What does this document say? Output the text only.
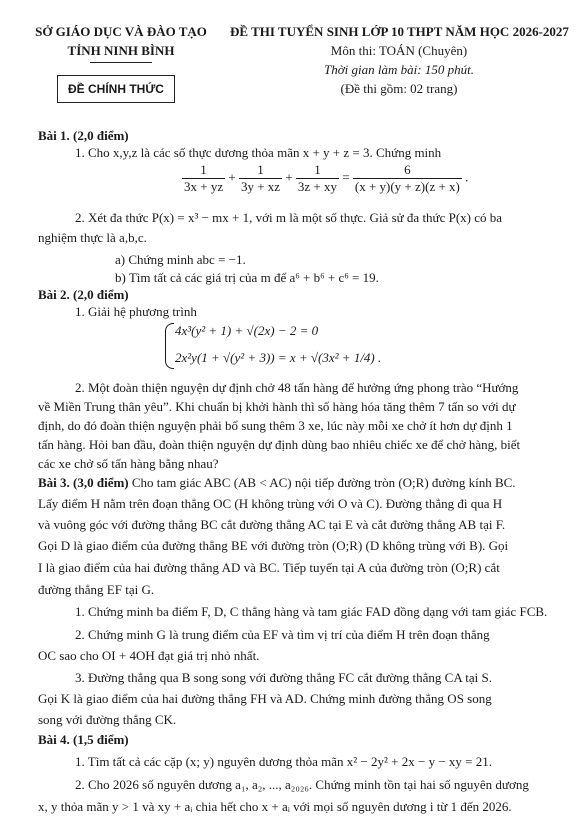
SỞ GIÁO DỤC VÀ ĐÀO TẠO
TỈNH NINH BÌNH
ĐỀ CHÍNH THỨC
ĐỀ THI TUYỂN SINH LỚP 10 THPT NĂM HỌC 2026-2027
Môn thi: TOÁN (Chuyên)
Thời gian làm bài: 150 phút.
(Đề thi gồm: 02 trang)
Bài 1. (2,0 điểm)
1. Cho x,y,z là các số thực dương thỏa mãn x + y + z = 3. Chứng minh
$\frac{1}{3x + yz} + \frac{1}{3y + xz} + \frac{1}{3z + xy} = \frac{6}{(x + y)(y + z)(z + x)}$ .
2. Xét đa thức P(x) = x³ − mx + 1, với m là một số thực. Giả sử đa thức P(x) có ba
nghiệm thực là a,b,c.
a) Chứng minh abc = −1.
b) Tìm tất cả các giá trị của m để a⁶ + b⁶ + c⁶ = 19.
Bài 2. (2,0 điểm)
1. Giải hệ phương trình
4x³(y² + 1) + √(2x) − 2 = 0
2x²y(1 + √(y² + 3)) = x + √(3x² + 1/4) .
2. Một đoàn thiện nguyện dự định chở 48 tấn hàng để hưởng ứng phong trào “Hướng
về Miền Trung thân yêu”. Khi chuẩn bị khởi hành thì số hàng hóa tăng thêm 7 tấn so với dự
định, do đó đoàn thiện nguyện phải bổ sung thêm 3 xe, lúc này mỗi xe chở ít hơn dự định 1
tấn hàng. Hỏi ban đầu, đoàn thiện nguyện dự định dùng bao nhiêu chiếc xe để chở hàng, biết
các xe chở số tấn hàng bằng nhau?
Bài 3. (3,0 điểm) Cho tam giác ABC (AB < AC) nội tiếp đường tròn (O;R) đường kính BC.
Lấy điểm H nằm trên đoạn thẳng OC (H không trùng với O và C). Đường thẳng đi qua H
và vuông góc với đường thẳng BC cắt đường thẳng AC tại E và cắt đường thẳng AB tại F.
Gọi D là giao điểm của đường thẳng BE với đường tròn (O;R) (D không trùng với B). Gọi
I là giao điểm của hai đường thẳng AD và BC. Tiếp tuyến tại A của đường tròn (O;R) cắt
đường thẳng EF tại G.
1. Chứng minh ba điểm F, D, C thẳng hàng và tam giác FAD đồng dạng với tam giác FCB.
2. Chứng minh G là trung điểm của EF và tìm vị trí của điểm H trên đoạn thẳng
OC sao cho OI + 4OH đạt giá trị nhỏ nhất.
3. Đường thẳng qua B song song với đường thẳng FC cắt đường thẳng CA tại S.
Gọi K là giao điểm của hai đường thẳng FH và AD. Chứng minh đường thẳng OS song
song với đường thẳng CK.
Bài 4. (1,5 điểm)
1. Tìm tất cả các cặp (x; y) nguyên dương thỏa mãn x² − 2y² + 2x − y − xy = 21.
2. Cho 2026 số nguyên dương a₁, a₂, ..., a₂₀₂₆. Chứng minh tồn tại hai số nguyên dương
x, y thỏa mãn y > 1 và xy + aᵢ chia hết cho x + aᵢ với mọi số nguyên dương i từ 1 đến 2026.
